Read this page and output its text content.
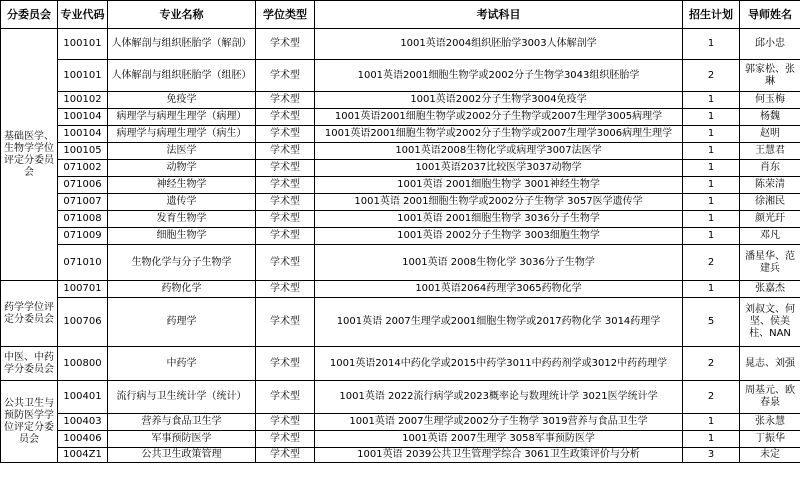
分委员会	专业代码	专业名称	学位类型	考试科目	招生计划	导师姓名
基础医学、生物学学位评定分委员会	100101	人体解剖与组织胚胎学（解剖）	学术型	1001英语2004组织胚胎学3003人体解剖学	1	邱小忠
	100101	人体解剖与组织胚胎学（组胚）	学术型	1001英语2001细胞生物学或2002分子生物学3043组织胚胎学	2	郭家松、张琳
	100102	免疫学	学术型	1001英语2002分子生物学3004免疫学	1	何玉梅
	100104	病理学与病理生理学（病理）	学术型	1001英语2001细胞生物学或2002分子生物学或2007生理学3005病理学	1	杨魏
	100104	病理学与病理生理学（病生）	学术型	1001英语2001细胞生物学或2002分子生物学或2007生理学3006病理生理学	1	赵明
	100105	法医学	学术型	1001英语2008生物化学或病理学3007法医学	1	王慧君
	071002	动物学	学术型	1001英语2037比较医学3037动物学	1	肖东
	071006	神经生物学	学术型	1001英语 2001细胞生物学 3001神经生物学	1	陈荣清
	071007	遗传学	学术型	1001英语 2001细胞生物学或2002分子生物学 3057医学遗传学	1	徐湘民
	071008	发育生物学	学术型	1001英语 2001细胞生物学 3036分子生物学	1	颜光玗
	071009	细胞生物学	学术型	1001英语 2002分子生物学 3003细胞生物学	1	邓凡
	071010	生物化学与分子生物学	学术型	1001英语 2008生物化学 3036分子生物学	2	潘星华、范建兵
药学学位评定分委员会	100701	药物化学	学术型	1001英语2064药理学3065药物化学	1	张嘉杰
	100706	药理学	学术型	1001英语 2007生理学或2001细胞生物学或2017药物化学 3014药理学	5	刘叔文、何坚、侯美柱、NAN
中医、中药学分委员会	100800	中药学	学术型	1001英语2014中药化学或2015中药学3011中药药剂学或3012中药药理学	2	晁志、刘强
公共卫生与预防医学学位评定分委员会	100401	流行病与卫生统计学（统计）	学术型	1001英语 2022流行病学或2023概率论与数理统计学 3021医学统计学	2	周基元、欧春泉
	100403	营养与食品卫生学	学术型	1001英语 2007生理学或2002分子生物学 3019营养与食品卫生学	1	张永慧
	100406	军事预防医学	学术型	1001英语 2007生理学 3058军事预防医学	1	丁振华
	1004Z1	公共卫生政策管理	学术型	1001英语 2039公共卫生管理学综合 3061卫生政策评价与分析	3	未定
